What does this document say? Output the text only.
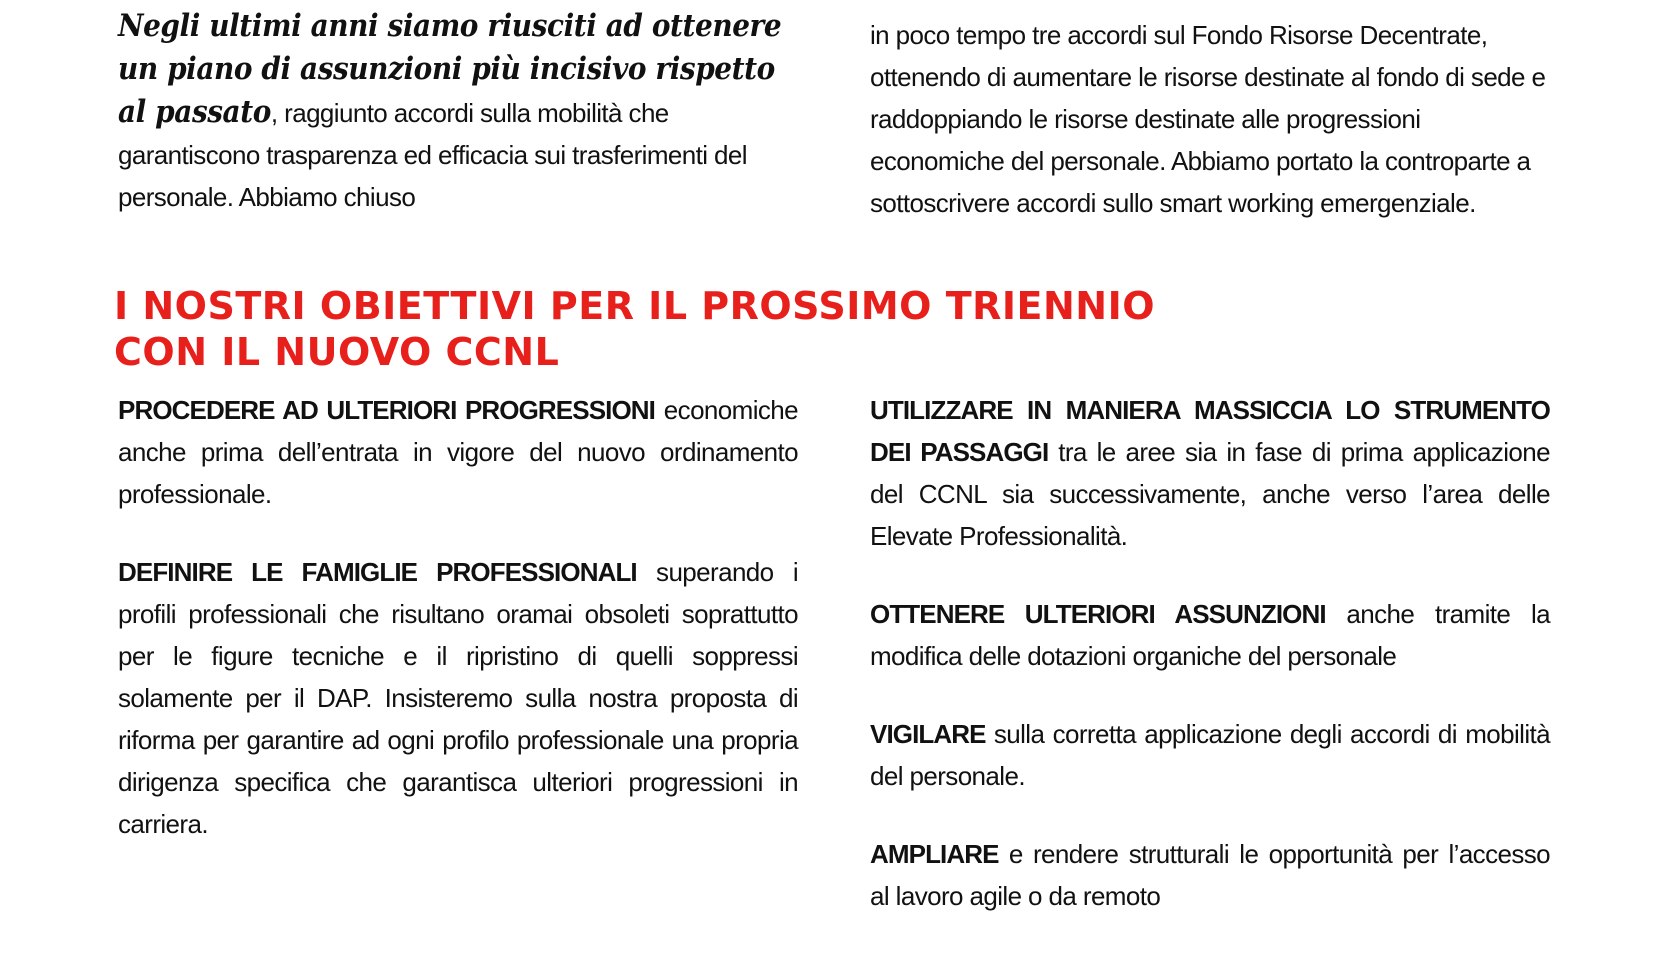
Negli ultimi anni siamo riusciti ad ottenere un piano di assunzioni più incisivo rispetto al passato, raggiunto accordi sulla mobilità che garantiscono trasparenza ed efficacia sui trasferimenti del personale. Abbiamo chiuso

in poco tempo tre accordi sul Fondo Risorse Decentrate, ottenendo di aumentare le risorse destinate al fondo di sede e raddoppiando le risorse destinate alle progressioni economiche del personale. Abbiamo portato la controparte a sottoscrivere accordi sullo smart working emergenziale.

I NOSTRI OBIETTIVI PER IL PROSSIMO TRIENNIO
CON IL NUOVO CCNL

PROCEDERE AD ULTERIORI PROGRESSIONI economiche anche prima dell’entrata in vigore del nuovo ordinamento professionale.

DEFINIRE LE FAMIGLIE PROFESSIONALI superando i profili professionali che risultano oramai obsoleti soprattutto per le figure tecniche e il ripristino di quelli soppressi solamente per il DAP. Insisteremo sulla nostra proposta di riforma per garantire ad ogni profilo professionale una propria dirigenza specifica che garantisca ulteriori progressioni in carriera.

UTILIZZARE IN MANIERA MASSICCIA LO STRUMENTO DEI PASSAGGI tra le aree sia in fase di prima applicazione del CCNL sia successivamente, anche verso l’area delle Elevate Professionalità.

OTTENERE ULTERIORI ASSUNZIONI anche tramite la modifica delle dotazioni organiche del personale

VIGILARE sulla corretta applicazione degli accordi di mobilità del personale.

AMPLIARE e rendere strutturali le opportunità per l’accesso al lavoro agile o da remoto
